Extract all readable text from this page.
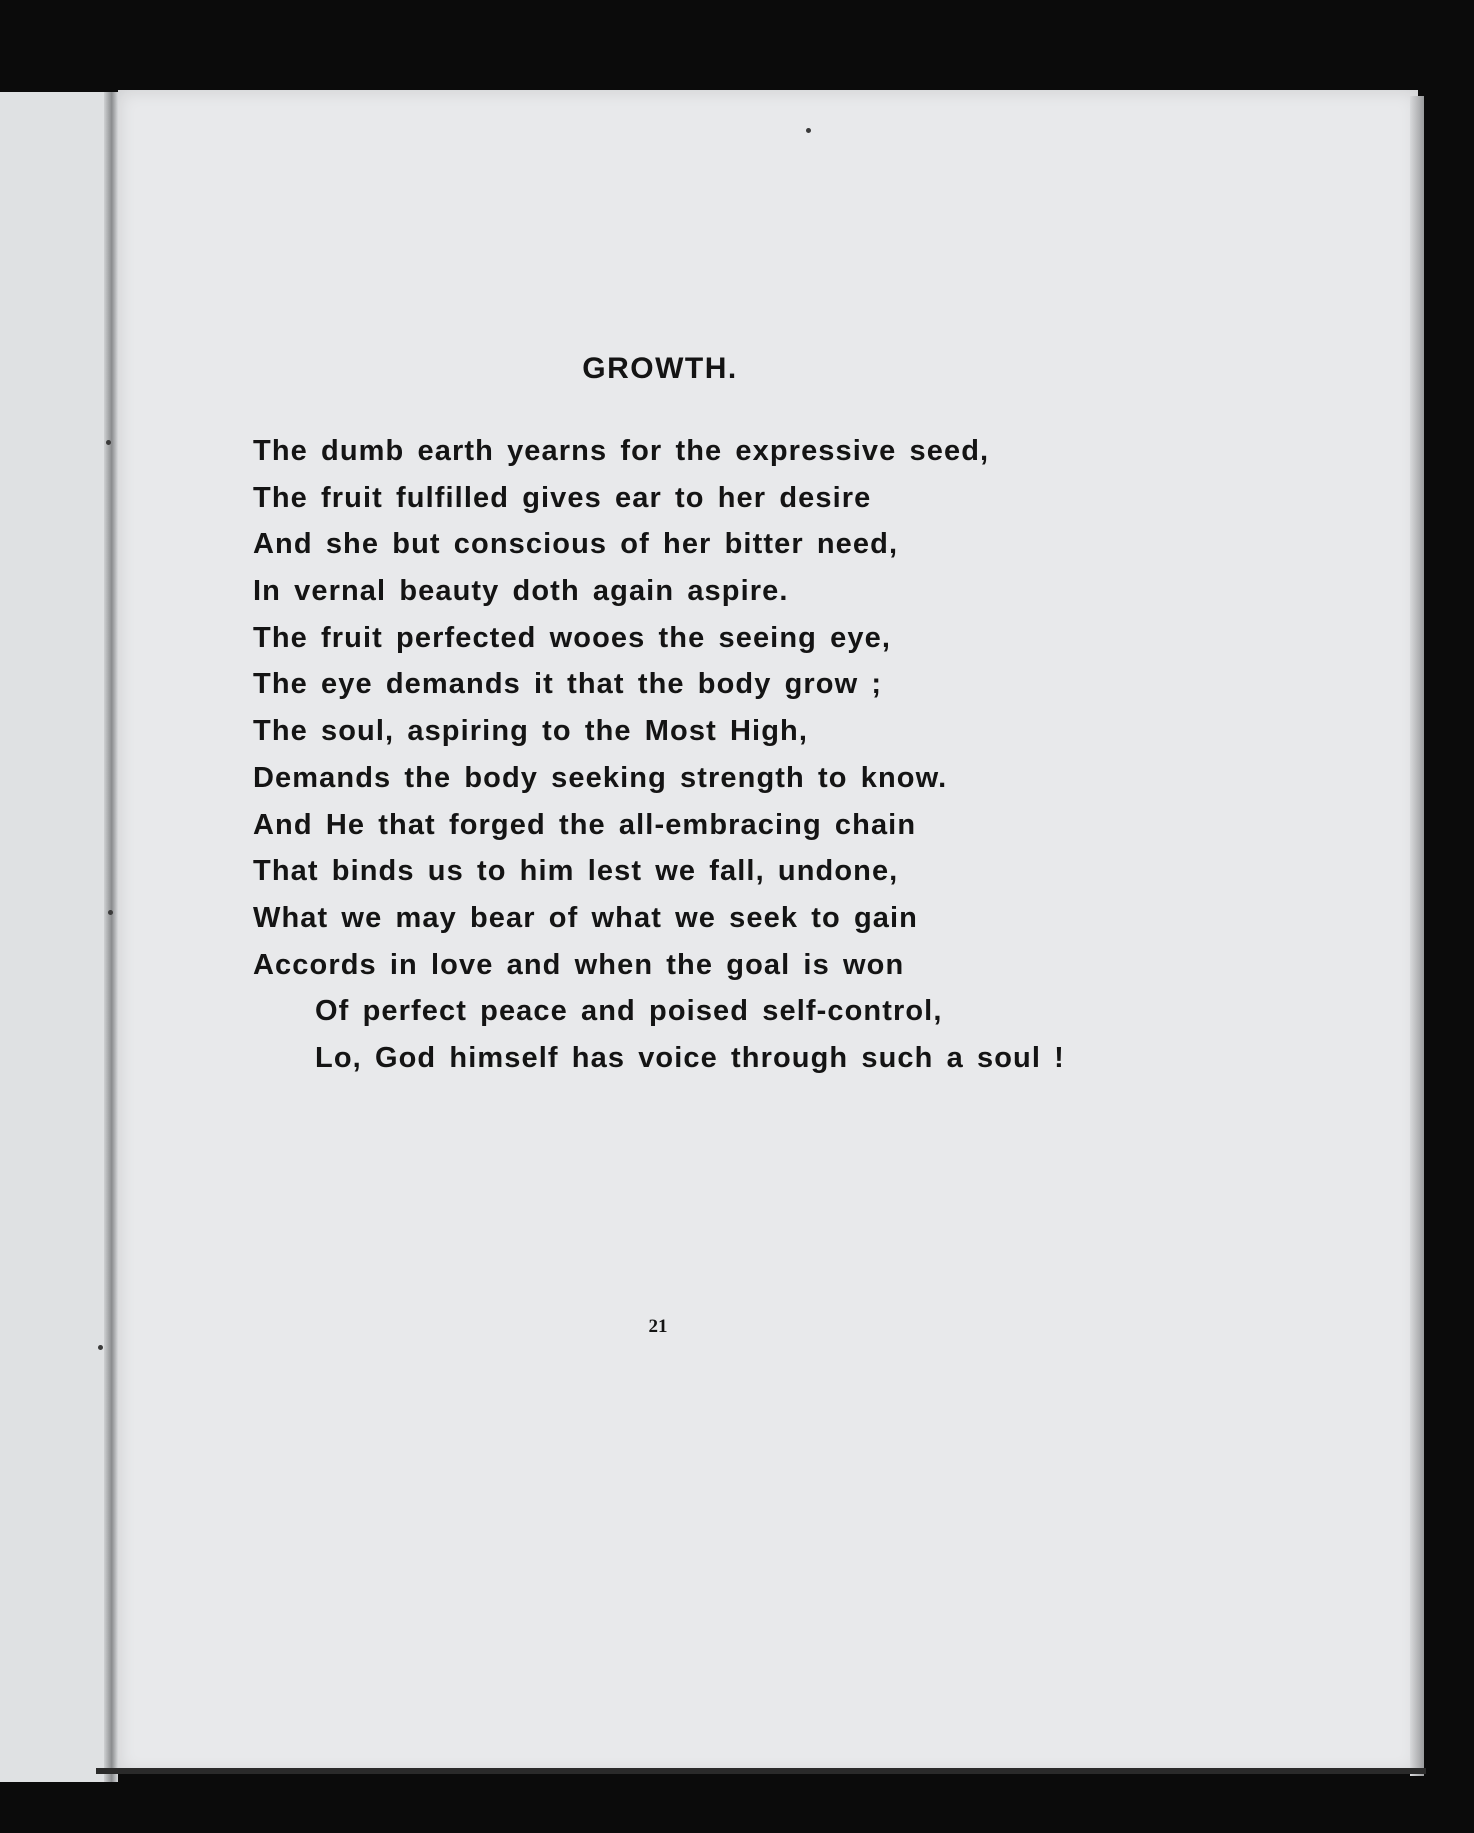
GROWTH.
The dumb earth yearns for the expressive seed,
The fruit fulfilled gives ear to her desire
And she but conscious of her bitter need,
In vernal beauty doth again aspire.
The fruit perfected wooes the seeing eye,
The eye demands it that the body grow ;
The soul, aspiring to the Most High,
Demands the body seeking strength to know.
And He that forged the all-embracing chain
That binds us to him lest we fall, undone,
What we may bear of what we seek to gain
Accords in love and when the goal is won
Of perfect peace and poised self-control,
Lo, God himself has voice through such a soul !
21
